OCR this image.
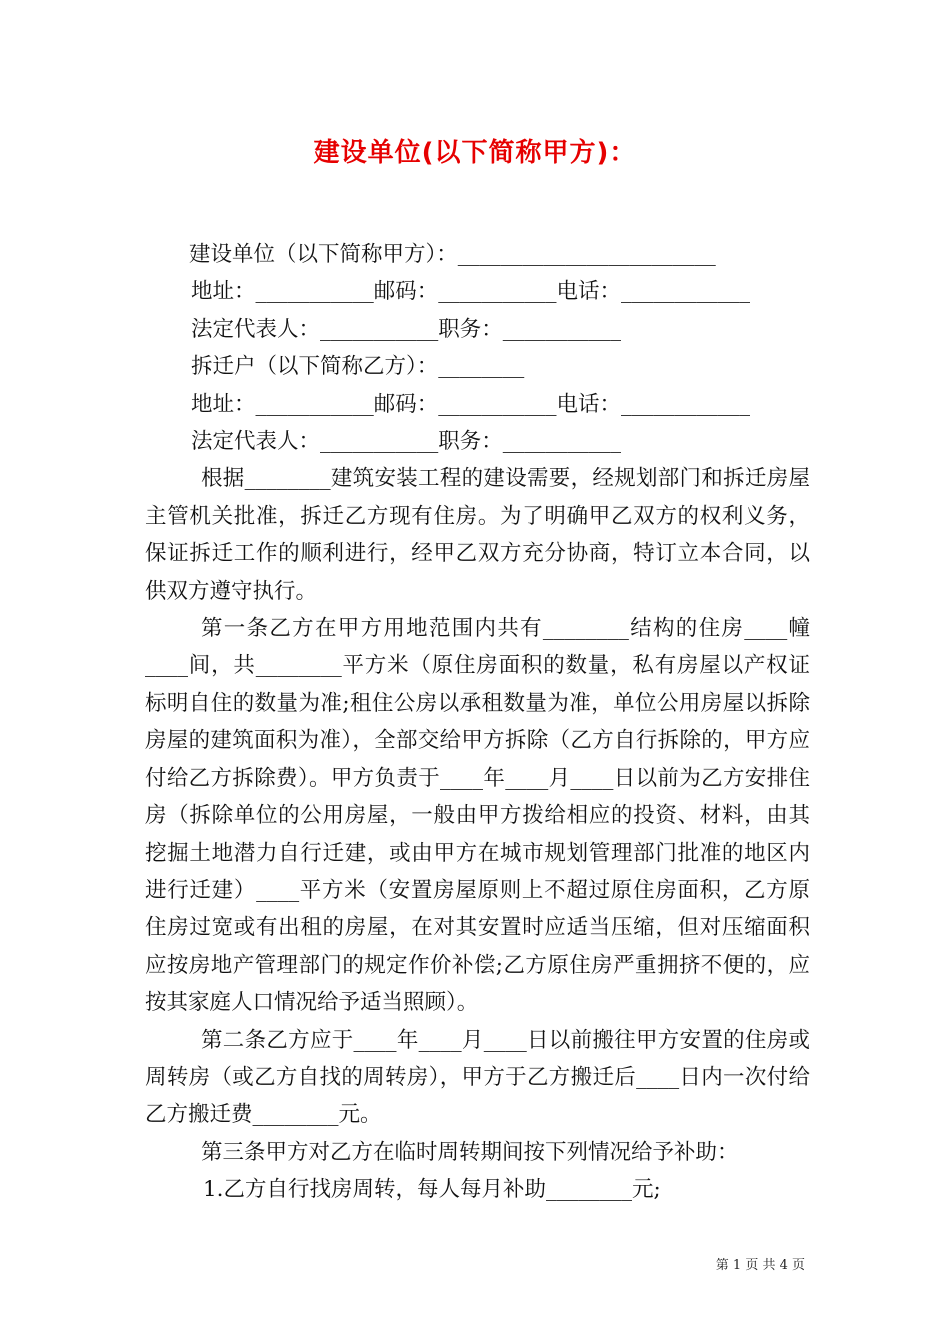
建设单位(以下简称甲方)：

建设单位（以下简称甲方）：________________________

地址：___________邮码：___________电话：____________

法定代表人：___________职务：___________

拆迁户（以下简称乙方）：________

地址：___________邮码：___________电话：____________

法定代表人：___________职务：___________

根据________建筑安装工程的建设需要，经规划部门和拆迁房屋主管机关批准，拆迁乙方现有住房。为了明确甲乙双方的权利义务，保证拆迁工作的顺利进行，经甲乙双方充分协商，特订立本合同，以供双方遵守执行。

第一条乙方在甲方用地范围内共有________结构的住房____幢____间，共________平方米（原住房面积的数量，私有房屋以产权证标明自住的数量为准;租住公房以承租数量为准，单位公用房屋以拆除房屋的建筑面积为准），全部交给甲方拆除（乙方自行拆除的，甲方应付给乙方拆除费）。甲方负责于____年____月____日以前为乙方安排住房（拆除单位的公用房屋，一般由甲方拨给相应的投资、材料，由其挖掘土地潜力自行迁建，或由甲方在城市规划管理部门批准的地区内进行迁建）____平方米（安置房屋原则上不超过原住房面积，乙方原住房过宽或有出租的房屋，在对其安置时应适当压缩，但对压缩面积应按房地产管理部门的规定作价补偿;乙方原住房严重拥挤不便的，应按其家庭人口情况给予适当照顾）。

第二条乙方应于____年____月____日以前搬往甲方安置的住房或周转房（或乙方自找的周转房），甲方于乙方搬迁后____日内一次付给乙方搬迁费________元。

第三条甲方对乙方在临时周转期间按下列情况给予补助：

1.乙方自行找房周转，每人每月补助________元;

第 1 页 共 4 页
